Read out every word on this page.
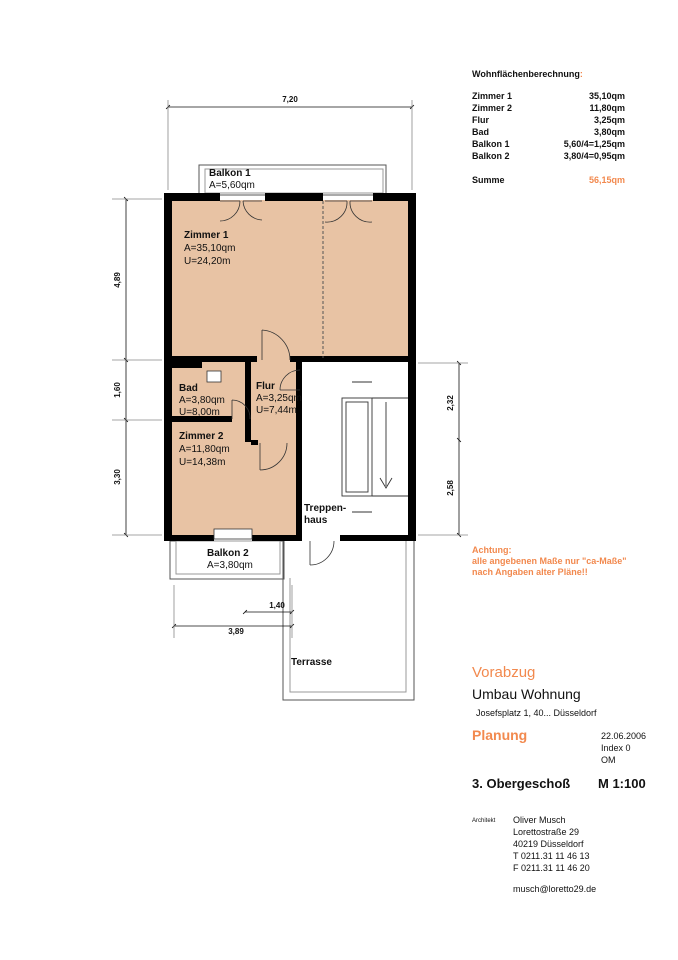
Wohnflächenberechnung:
Zimmer 1	35,10qm
Zimmer 2	11,80qm
Flur	3,25qm
Bad	3,80qm
Balkon 1	5,60/4=1,25qm
Balkon 2	3,80/4=0,95qm
Summe	56,15qm
Achtung:
alle angebenen Maße nur "ca-Maße"
nach Angaben alter Pläne!!
Vorabzug
Umbau Wohnung
Josefsplatz 1, 40... Düsseldorf
Planung	22.06.2006
Index 0
OM
3. Obergeschoß M 1:100
Architekt Oliver Musch
Lorettostraße 29
40219 Düsseldorf
T 0211.31 11 46 13
F 0211.31 11 46 20
musch@loretto29.de
7,20
4,89
1,60
3,30
2,32
2,58
1,40
3,89
Balkon 1
A=5,60qm
Zimmer 1
A=35,10qm
U=24,20m
Bad
A=3,80qm
U=8,00m
Flur
A=3,25qm
U=7,44m
Zimmer 2
A=11,80qm
U=14,38m
Treppen-
haus
Balkon 2
A=3,80qm
Terrasse
